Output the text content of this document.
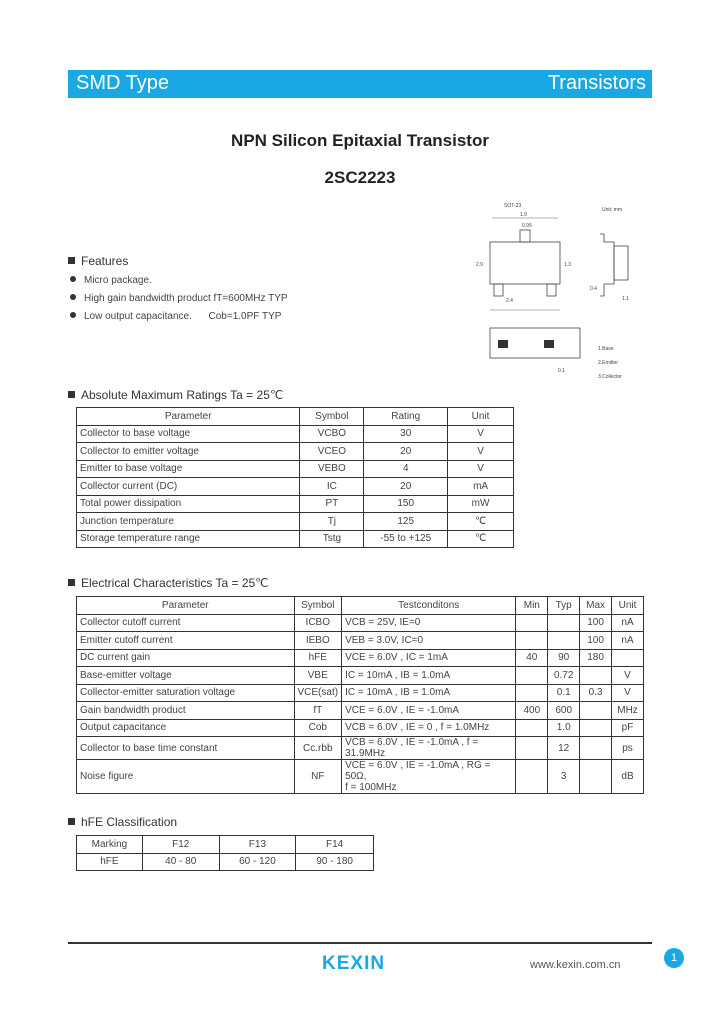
SMD Type	Transistors
NPN Silicon Epitaxial Transistor
2SC2223
SOT-23
Unit: mm
1.9
0.95
2.9	1.3
2.4
0.4
1.1
0.1
1.Base
2.Emitter
3.Collector
Features
Micro package.
High gain bandwidth product fT=600MHz TYP
Low output capacitance.      Cob=1.0PF TYP
Absolute Maximum Ratings Ta = 25℃
Parameter	Symbol	Rating	Unit
Collector to base voltage	VCBO	30	V
Collector to emitter voltage	VCEO	20	V
Emitter to base voltage	VEBO	4	V
Collector current (DC)	IC	20	mA
Total power dissipation	PT	150	mW
Junction temperature	Tj	125	℃
Storage temperature range	Tstg	-55 to +125	℃
Electrical Characteristics Ta = 25℃
Parameter	Symbol	Testconditons	Min	Typ	Max	Unit
Collector cutoff current	ICBO	VCB = 25V, IE=0			100	nA
Emitter cutoff current	IEBO	VEB = 3.0V, IC=0			100	nA
DC current gain	hFE	VCE = 6.0V , IC = 1mA	40	90	180	
Base-emitter voltage	VBE	IC = 10mA , IB = 1.0mA		0.72		V
Collector-emitter saturation voltage	VCE(sat)	IC = 10mA , IB = 1.0mA		0.1	0.3	V
Gain bandwidth product	fT	VCE = 6.0V , IE = -1.0mA	400	600		MHz
Output capacitance	Cob	VCB = 6.0V , IE = 0 , f = 1.0MHz		1.0		pF
Collector to base time constant	Cc.rbb	VCB = 6.0V , IE = -1.0mA , f = 31.9MHz		12		ps
Noise figure	NF	VCE = 6.0V , IE = -1.0mA , RG = 50Ω,
f = 100MHz		3		dB
hFE Classification
Marking	F12	F13	F14
hFE	40 - 80	60 - 120	90 - 180
KEXIN	www.kexin.com.cn
1
